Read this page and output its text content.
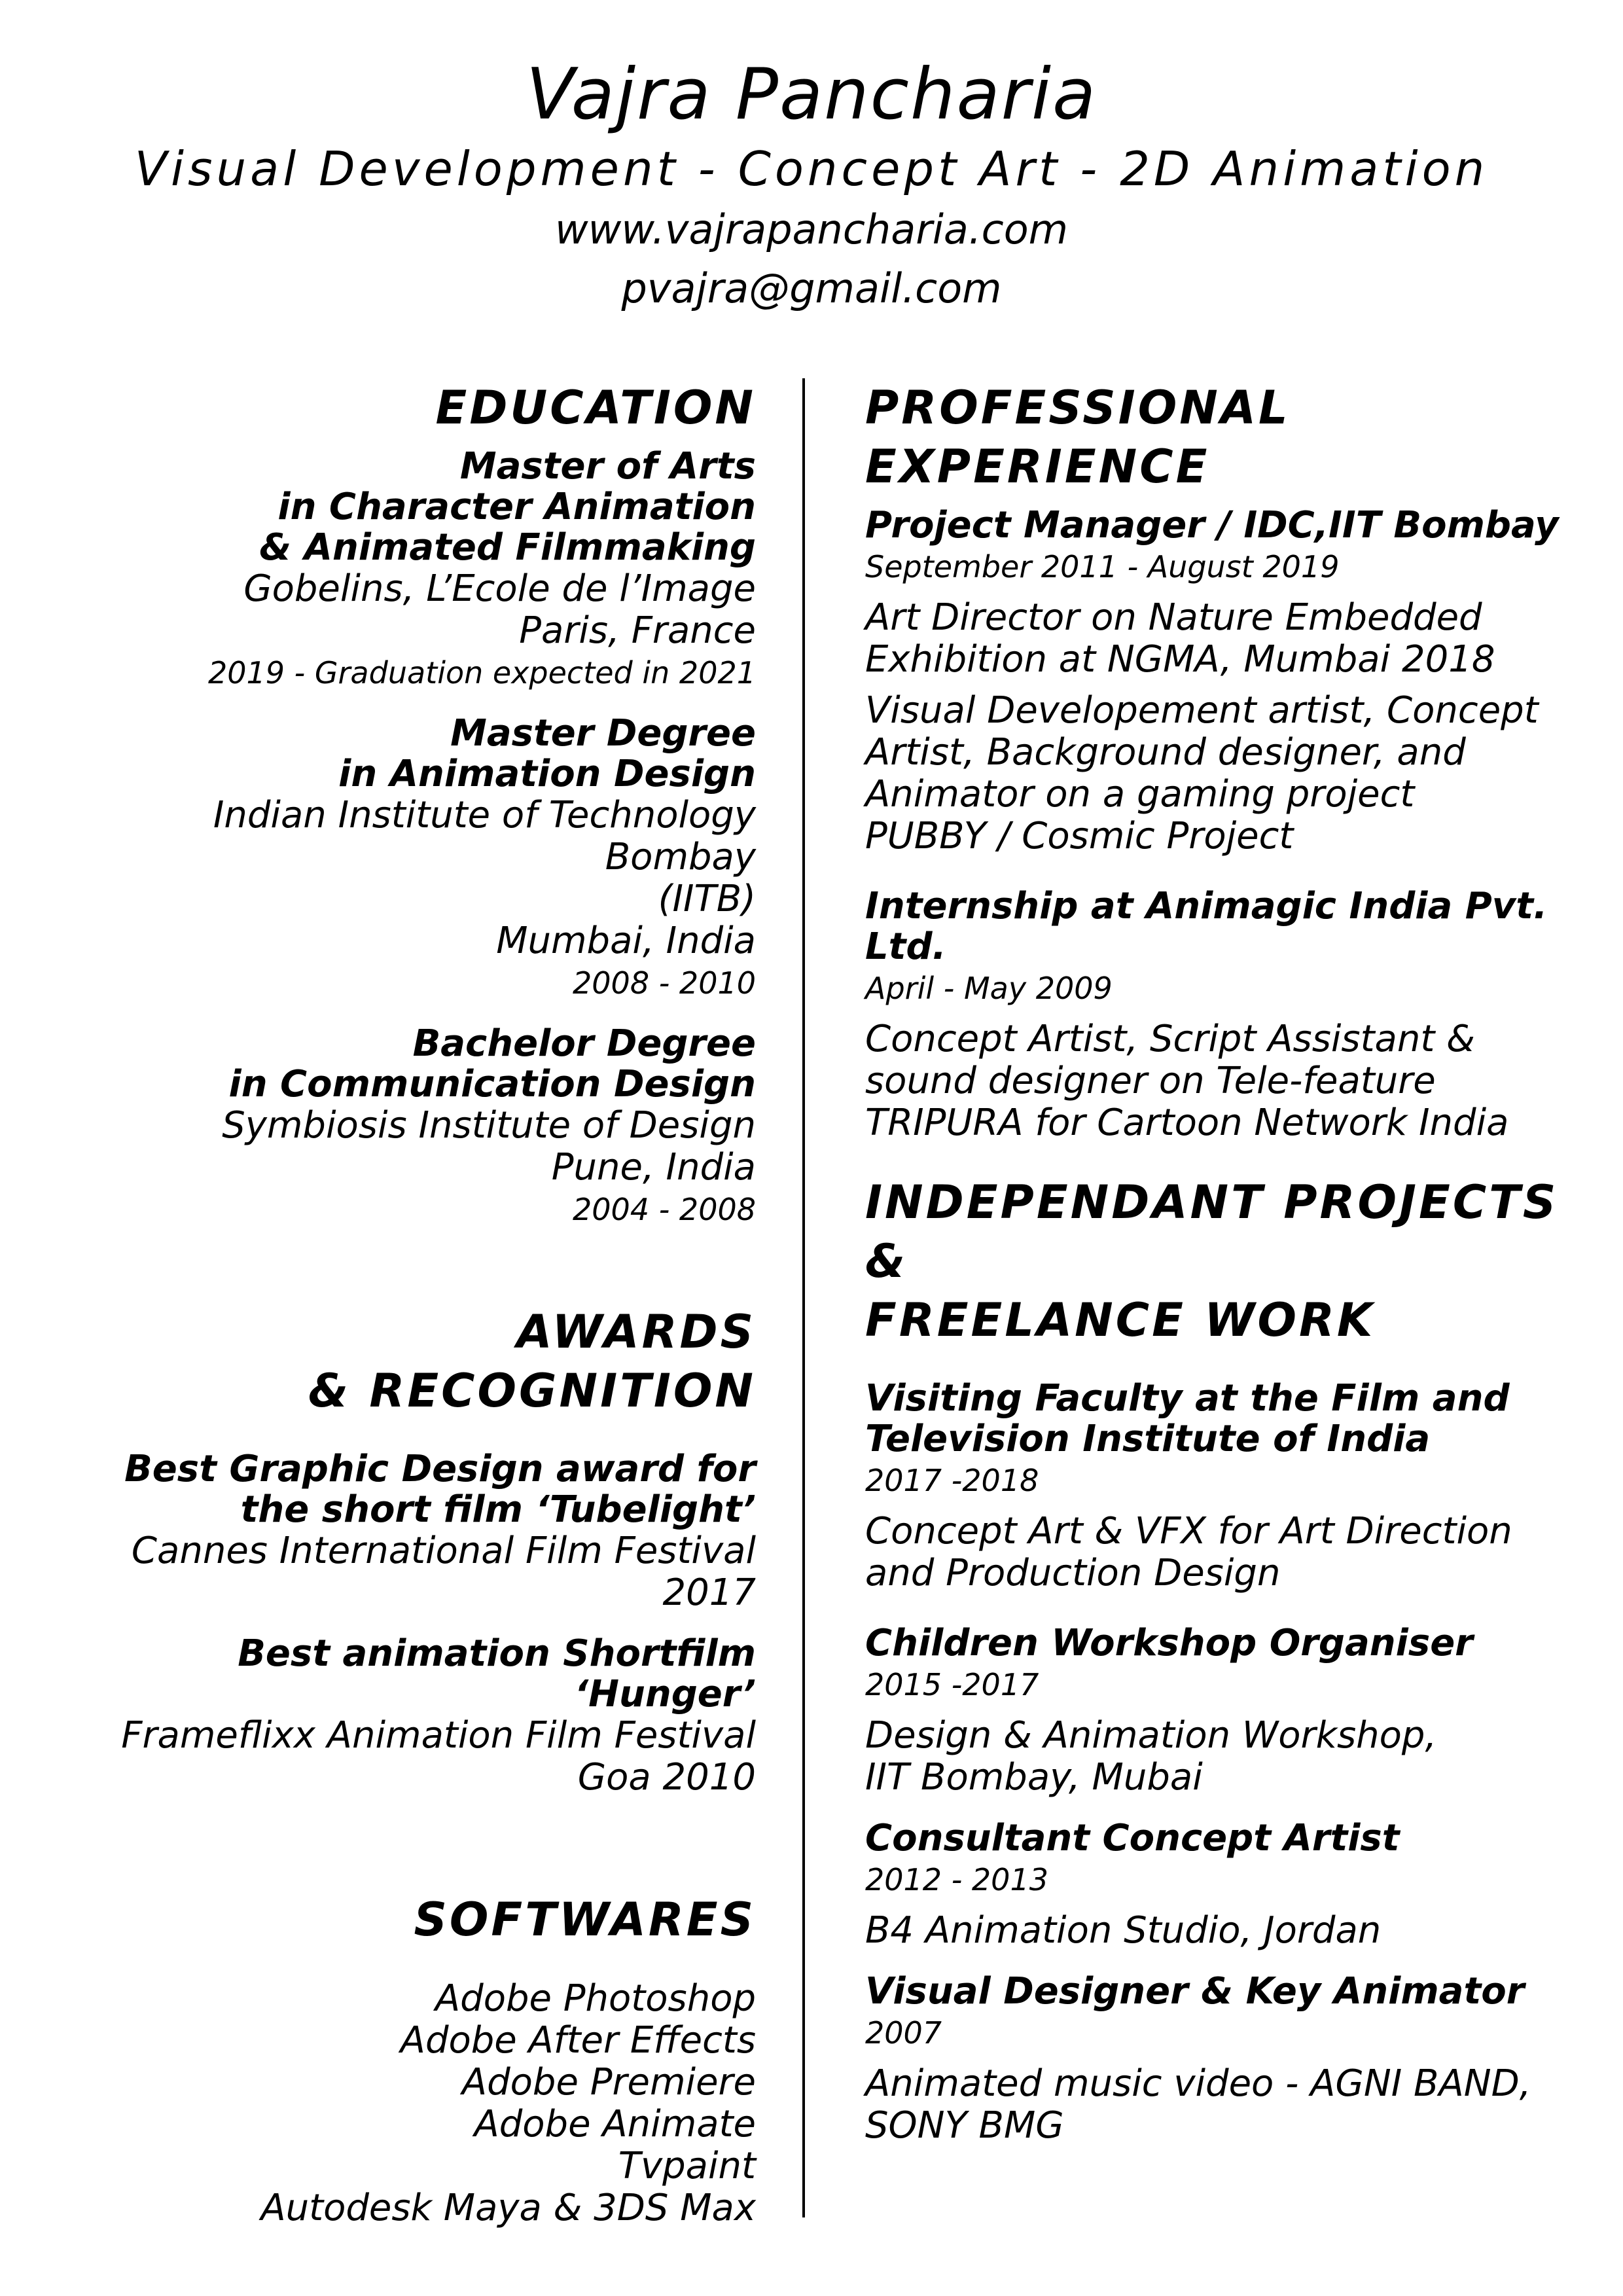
Vajra Pancharia
Visual Development - Concept Art - 2D Animation
www.vajrapancharia.com
pvajra@gmail.com
EDUCATION
Master of Arts
in Character Animation
& Animated Filmmaking
Gobelins, L’Ecole de l’Image
Paris, France
2019 - Graduation expected in 2021
Master Degree
in Animation Design
Indian Institute of Technology
Bombay
(IITB)
Mumbai, India
2008 - 2010
Bachelor Degree
in Communication Design
Symbiosis Institute of Design
Pune, India
2004 - 2008
AWARDS
& RECOGNITION
Best Graphic Design award for
the short film ‘Tubelight’
Cannes International Film Festival
2017
Best animation Shortfilm ‘Hunger’
Frameflixx Animation Film Festival
Goa 2010
SOFTWARES
Adobe Photoshop
Adobe After Effects
Adobe Premiere
Adobe Animate
Tvpaint
Autodesk Maya & 3DS Max
PROFESSIONAL
EXPERIENCE
Project Manager / IDC,IIT Bombay
September 2011 - August 2019
Art Director on Nature Embedded
Exhibition at NGMA, Mumbai 2018
Visual Developement artist, Concept
Artist, Background designer, and
Animator on a gaming project
PUBBY / Cosmic Project
Internship at Animagic India Pvt. Ltd.
April - May 2009
Concept Artist, Script Assistant &
sound designer on Tele-feature
TRIPURA for Cartoon Network India
INDEPENDANT PROJECTS &
FREELANCE WORK
Visiting Faculty at the Film and
Television Institute of India
2017 -2018
Concept Art & VFX for Art Direction
and Production Design
Children Workshop Organiser
2015 -2017
Design & Animation Workshop,
IIT Bombay, Mubai
Consultant Concept Artist
2012 - 2013
B4 Animation Studio, Jordan
Visual Designer & Key Animator
2007
Animated music video - AGNI BAND,
SONY BMG
